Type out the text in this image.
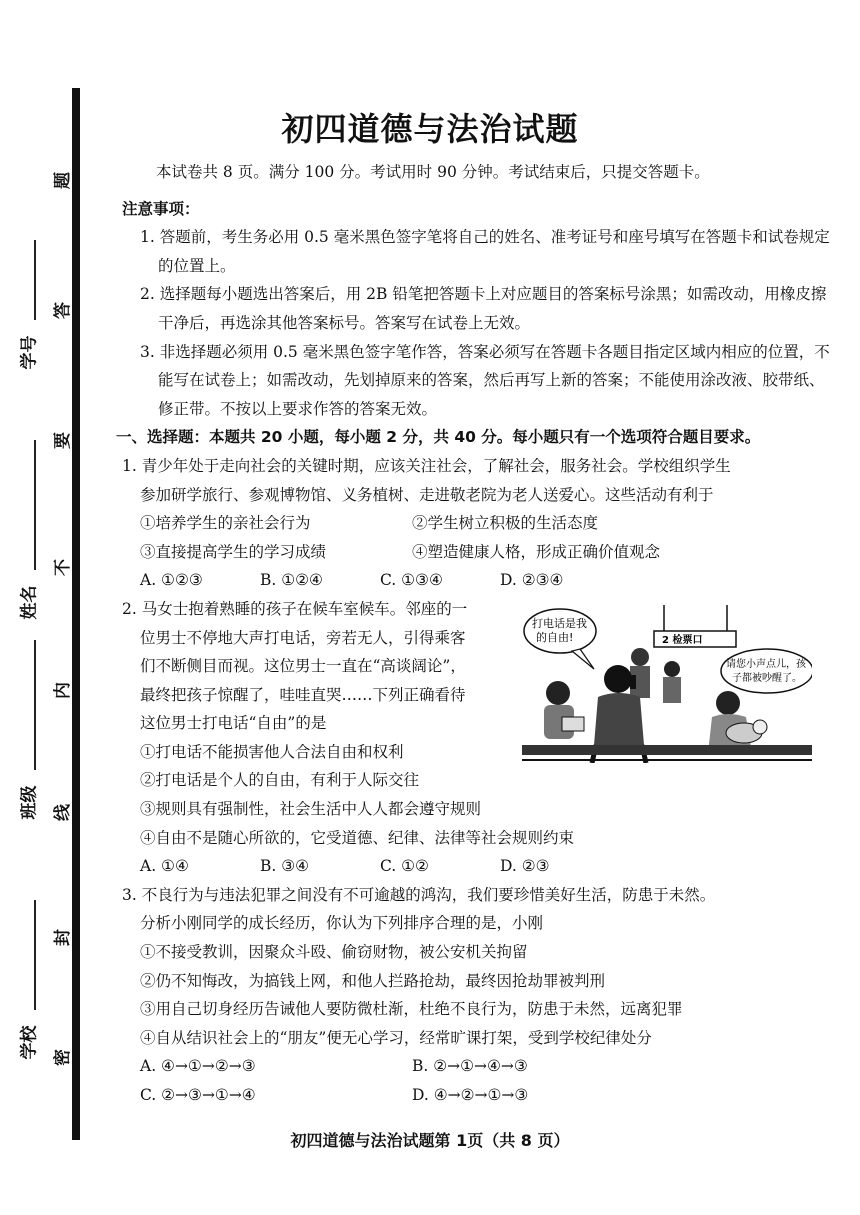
学号
姓名
班级
学校
题
答
要
不
内
线
封
密
初四道德与法治试题
本试卷共 8 页。满分 100 分。考试用时 90 分钟。考试结束后，只提交答题卡。
注意事项：
1. 答题前，考生务必用 0.5 毫米黑色签字笔将自己的姓名、准考证号和座号填写在答题卡和试卷规定的位置上。
2. 选择题每小题选出答案后，用 2B 铅笔把答题卡上对应题目的答案标号涂黑；如需改动，用橡皮擦干净后，再选涂其他答案标号。答案写在试卷上无效。
3. 非选择题必须用 0.5 毫米黑色签字笔作答，答案必须写在答题卡各题目指定区域内相应的位置，不能写在试卷上；如需改动，先划掉原来的答案，然后再写上新的答案；不能使用涂改液、胶带纸、修正带。不按以上要求作答的答案无效。
一、选择题：本题共 20 小题，每小题 2 分，共 40 分。每小题只有一个选项符合题目要求。
1. 青少年处于走向社会的关键时期，应该关注社会，了解社会，服务社会。学校组织学生
参加研学旅行、参观博物馆、义务植树、走进敬老院为老人送爱心。这些活动有利于
①培养学生的亲社会行为	②学生树立积极的生活态度
③直接提高学生的学习成绩	④塑造健康人格，形成正确价值观念
A. ①②③	B. ①②④	C. ①③④	D. ②③④
2. 马女士抱着熟睡的孩子在候车室候车。邻座的一
位男士不停地大声打电话，旁若无人，引得乘客
们不断侧目而视。这位男士一直在“高谈阔论”，
最终把孩子惊醒了，哇哇直哭……下列正确看待
这位男士打电话“自由”的是
打电话是我
的自由!	2 检票口
请您小声点儿，孩
子都被吵醒了。
①打电话不能损害他人合法自由和权利
②打电话是个人的自由，有利于人际交往
③规则具有强制性，社会生活中人人都会遵守规则
④自由不是随心所欲的，它受道德、纪律、法律等社会规则约束
A. ①④	B. ③④	C. ①②	D. ②③
3. 不良行为与违法犯罪之间没有不可逾越的鸿沟，我们要珍惜美好生活，防患于未然。
分析小刚同学的成长经历，你认为下列排序合理的是，小刚
①不接受教训，因聚众斗殴、偷窃财物，被公安机关拘留
②仍不知悔改，为搞钱上网，和他人拦路抢劫，最终因抢劫罪被判刑
③用自己切身经历告诫他人要防微杜渐，杜绝不良行为，防患于未然，远离犯罪
④自从结识社会上的“朋友”便无心学习，经常旷课打架，受到学校纪律处分
A. ④→①→②→③	B. ②→①→④→③
C. ②→③→①→④	D. ④→②→①→③
初四道德与法治试题第 1页（共 8 页）
